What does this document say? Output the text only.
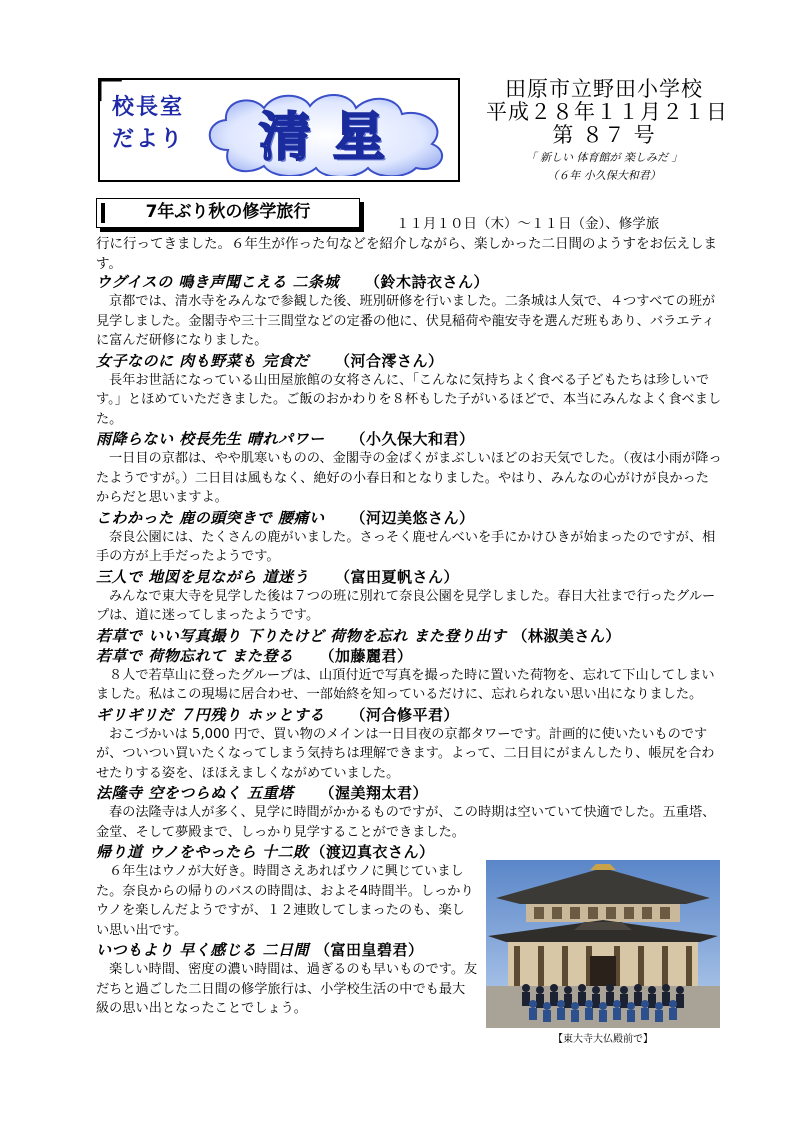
校長室
だより	清星
田原市立野田小学校
平成２８年１１月２１日
第 ８７ 号
「 新しい 体育館が 楽しみだ 」
（６年 小久保大和君）
１１月１０日（木）～１１日（金）、修学旅
行に行ってきました。６年生が作った句などを紹介しながら、楽しかった二日間のようすをお伝えします。
7年ぶり秋の修学旅行
【東大寺大仏殿前で】
ウグイスの 鳴き声聞こえる 二条城 （鈴木詩衣さん）

京都では、清水寺をみんなで参観した後、班別研修を行いました。二条城は人気で、４つすべての班が見学しました。金閣寺や三十三間堂などの定番の他に、伏見稲荷や龍安寺を選んだ班もあり、バラエティに富んだ研修になりました。

女子なのに 肉も野菜も 完食だ （河合澪さん）

長年お世話になっている山田屋旅館の女将さんに、「こんなに気持ちよく食べる子どもたちは珍しいです。」とほめていただきました。ご飯のおかわりを８杯もした子がいるほどで、本当にみんなよく食べました。

雨降らない 校長先生 晴れパワー （小久保大和君）

一日目の京都は、やや肌寒いものの、金閣寺の金ぱくがまぶしいほどのお天気でした。（夜は小雨が降ったようですが。）二日目は風もなく、絶好の小春日和となりました。やはり、みんなの心がけが良かったからだと思いますよ。

こわかった 鹿の頭突きで 腰痛い （河辺美悠さん）

奈良公園には、たくさんの鹿がいました。さっそく鹿せんべいを手にかけひきが始まったのですが、相手の方が上手だったようです。

三人で 地図を見ながら 道迷う （富田夏帆さん）

みんなで東大寺を見学した後は７つの班に別れて奈良公園を見学しました。春日大社まで行ったグループは、道に迷ってしまったようです。

若草で いい写真撮り 下りたけど 荷物を忘れ また登り出す （林淑美さん）
若草で 荷物忘れて また登る （加藤麗君）

８人で若草山に登ったグループは、山頂付近で写真を撮った時に置いた荷物を、忘れて下山してしまいました。私はこの現場に居合わせ、一部始終を知っているだけに、忘れられない思い出になりました。

ギリギリだ ７円残り ホッとする （河合修平君）

おこづかいは 5,000 円で、買い物のメインは一日目夜の京都タワーです。計画的に使いたいものですが、ついつい買いたくなってしまう気持ちは理解できます。よって、二日目にがまんしたり、帳尻を合わせたりする姿を、ほほえましくながめていました。

法隆寺 空をつらぬく 五重塔 （渥美翔太君）

春の法隆寺は人が多く、見学に時間がかかるものですが、この時期は空いていて快適でした。五重塔、金堂、そして夢殿まで、しっかり見学することができました。

帰り道 ウノをやったら 十二敗 （渡辺真衣さん）

６年生はウノが大好き。時間さえあればウノに興じていました。奈良からの帰りのバスの時間は、およそ4時間半。しっかりウノを楽しんだようですが、１２連敗してしまったのも、楽しい思い出です。

いつもより 早く感じる 二日間 （富田皇碧君）

楽しい時間、密度の濃い時間は、過ぎるのも早いものです。友だちと過ごした二日間の修学旅行は、小学校生活の中でも最大級の思い出となったことでしょう。
